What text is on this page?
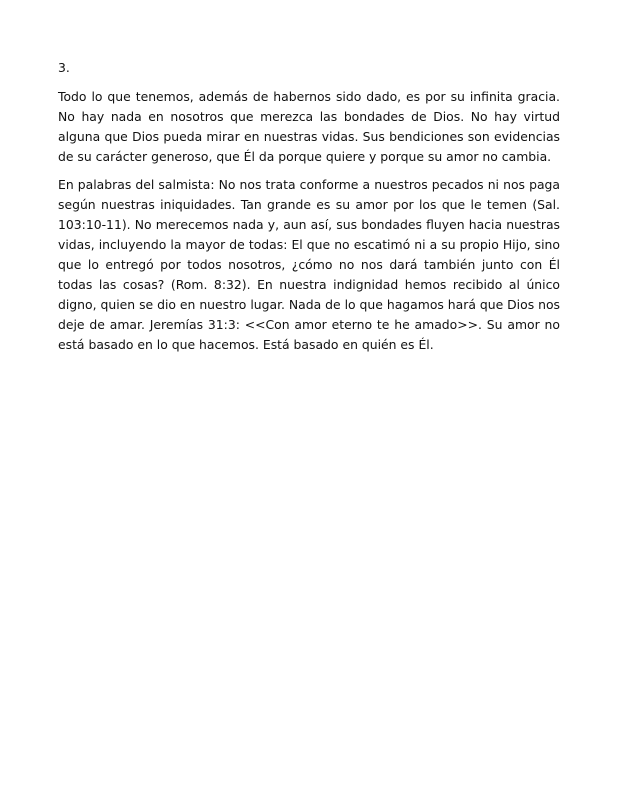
3.

Todo lo que tenemos, además de habernos sido dado, es por su infinita gracia. No hay nada en nosotros que merezca las bondades de Dios. No hay virtud alguna que Dios pueda mirar en nuestras vidas. Sus bendiciones son evidencias de su carácter generoso, que Él da porque quiere y porque su amor no cambia.

En palabras del salmista: No nos trata conforme a nuestros pecados ni nos paga según nuestras iniquidades. Tan grande es su amor por los que le temen (Sal. 103:10-11). No merecemos nada y, aun así, sus bondades fluyen hacia nuestras vidas, incluyendo la mayor de todas: El que no escatimó ni a su propio Hijo, sino que lo entregó por todos nosotros, ¿cómo no nos dará también junto con Él todas las cosas? (Rom. 8:32). En nuestra indignidad hemos recibido al único digno, quien se dio en nuestro lugar. Nada de lo que hagamos hará que Dios nos deje de amar. Jeremías 31:3: <<Con amor eterno te he amado>>. Su amor no está basado en lo que hacemos. Está basado en quién es Él.
